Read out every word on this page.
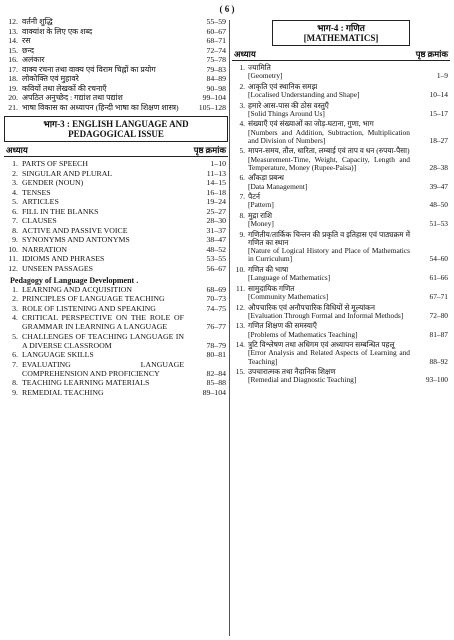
( 6 )
12. वर्तनी शुद्धि	55–59
13. वाक्यांश के लिए एक शब्द	60–67
14. रस	68–71
15. छन्द	72–74
16. अलंकार	75–78
17. वाक्य रचना तथा वाक्य एवं विराम चिह्नों का प्रयोग	79–83
18. लोकोक्ति एवं मुहावरे	84–89
19. कवियों तथा लेखकों की रचनाएँ	90–98
20. अपठित अनुच्छेद : गद्यांश तथा पद्यांश	99–104
21. भाषा विकास का अध्यापन (हिन्दी भाषा का शिक्षण शास्त्र)	105–128
भाग-3 : ENGLISH LANGUAGE AND PEDAGOGICAL ISSUE
अध्याय	पृष्ठ क्रमांक
1. PARTS OF SPEECH	1–10
2. SINGULAR AND PLURAL	11–13
3. GENDER (NOUN)	14–15
4. TENSES	16–18
5. ARTICLES	19–24
6. FILL IN THE BLANKS	25–27
7. CLAUSES	28–30
8. ACTIVE AND PASSIVE VOICE	31–37
9. SYNONYMS AND ANTONYMS	38–47
10. NARRATION	48–52
11. IDIOMS AND PHRASES	53–55
12. UNSEEN PASSAGES	56–67
Pedagogy of Language Development .
1. LEARNING AND ACQUISITION	68–69
2. PRINCIPLES OF LANGUAGE TEACHING	70–73
3. ROLE OF LISTENING AND SPEAKING	74–75
4. CRITICAL PERSPECTIVE ON THE ROLE OF GRAMMAR IN LEARNING A LANGUAGE	76–77
5. CHALLENGES OF TEACHING LANGUAGE IN A DIVERSE CLASSROOM	78–79
6. LANGUAGE SKILLS	80–81
7. EVALUATING LANGUAGE COMPREHENSION AND PROFICIENCY	82–84
8. TEACHING LEARNING MATERIALS	85–88
9. REMEDIAL TEACHING	89–104
भाग-4 : गणित
[MATHEMATICS]
अध्याय	पृष्ठ क्रमांक
1. ज्यामिति
[Geometry]	1–9
2. आकृति एवं स्थानिक समझ
[Localised Understanding and Shape]	10–14
3. हमारे आस-पास की ठोस वस्तुएँ
[Solid Things Around Us]	15–17
4. संख्याएँ एवं संख्याओं का जोड़-घटाना, गुणा, भाग
[Numbers and Addition, Subtraction, Multiplication and Division of Numbers]	18–27
5. मापन-समय, तौल, धारिता, लम्बाई एवं ताप व धन (रुपया-पैसा)
[Measurement-Time, Weight, Capacity, Length and Temperature, Money (Rupee-Paisa)]	28–38
6. आँकड़ा प्रबन्ध
[Data Management]	39–47
7. पैटर्न
[Pattern]	48–50
8. मुद्रा राशि
[Money]	51–53
9. गणितीय/तार्किक चिन्तन की प्रकृति व इतिहास एवं पाठ्यक्रम में गणित का स्थान
[Nature of Logical History and Place of Mathematics in Curriculum]	54–60
10. गणित की भाषा
[Language of Mathematics]	61–66
11. सामुदायिक गणित
[Community Mathematics]	67–71
12. औपचारिक एवं अनौपचारिक विधियों से मूल्यांकन
[Evaluation Through Formal and Informal Methods]	72–80
13. गणित शिक्षण की समस्याएँ
[Problems of Mathematics Teaching]	81–87
14. त्रुटि विश्लेषण तथा अधिगम एवं अध्यापन सम्बन्धित पहलू
[Error Analysis and Related Aspects of Learning and Teaching]	88–92
15. उपचारात्मक तथा नैदानिक शिक्षण
[Remedial and Diagnostic Teaching]	93–100
